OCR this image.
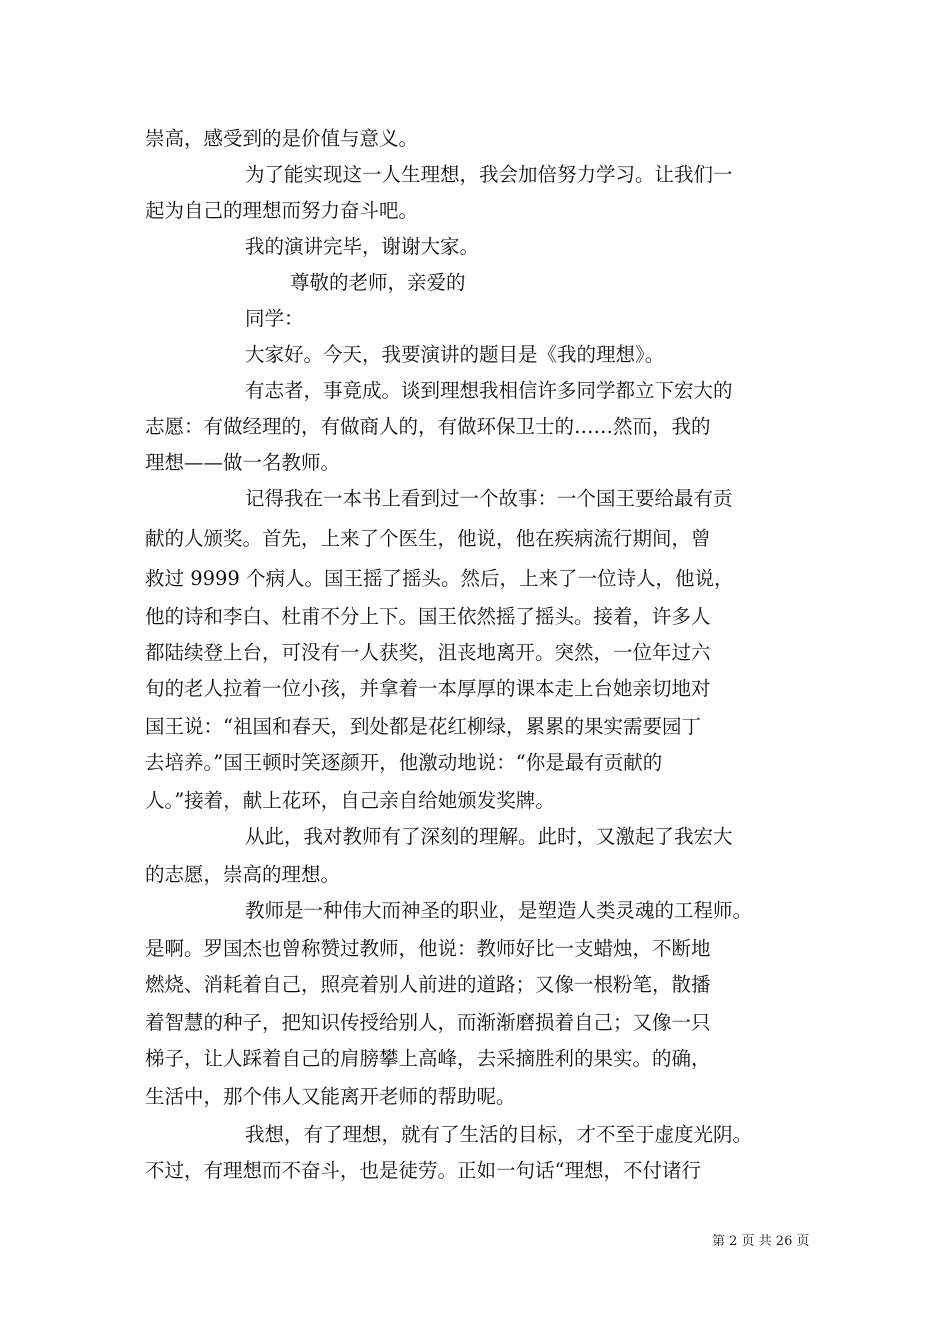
崇高，感受到的是价值与意义。
为了能实现这一人生理想，我会加倍努力学习。让我们一
起为自己的理想而努力奋斗吧。
我的演讲完毕，谢谢大家。
尊敬的老师，亲爱的
同学：
大家好。今天，我要演讲的题目是《我的理想》。
有志者，事竟成。谈到理想我相信许多同学都立下宏大的
志愿：有做经理的，有做商人的，有做环保卫士的……然而，我的
理想——做一名教师。
记得我在一本书上看到过一个故事：一个国王要给最有贡
献的人颁奖。首先，上来了个医生，他说，他在疾病流行期间，曾
救过 9999 个病人。国王摇了摇头。然后，上来了一位诗人，他说，
他的诗和李白、杜甫不分上下。国王依然摇了摇头。接着，许多人
都陆续登上台，可没有一人获奖，沮丧地离开。突然，一位年过六
旬的老人拉着一位小孩，并拿着一本厚厚的课本走上台她亲切地对
国王说：“祖国和春天，到处都是花红柳绿，累累的果实需要园丁
去培养。”国王顿时笑逐颜开，他激动地说：“你是最有贡献的
人。”接着，献上花环，自己亲自给她颁发奖牌。
从此，我对教师有了深刻的理解。此时，又激起了我宏大
的志愿，崇高的理想。
教师是一种伟大而神圣的职业，是塑造人类灵魂的工程师。
是啊。罗国杰也曾称赞过教师，他说：教师好比一支蜡烛，不断地
燃烧、消耗着自己，照亮着别人前进的道路；又像一根粉笔，散播
着智慧的种子，把知识传授给别人，而渐渐磨损着自己；又像一只
梯子，让人踩着自己的肩膀攀上高峰，去采摘胜利的果实。的确，
生活中，那个伟人又能离开老师的帮助呢。
我想，有了理想，就有了生活的目标，才不至于虚度光阴。
不过，有理想而不奋斗，也是徒劳。正如一句话“理想，不付诸行
第 2 页 共 26 页
